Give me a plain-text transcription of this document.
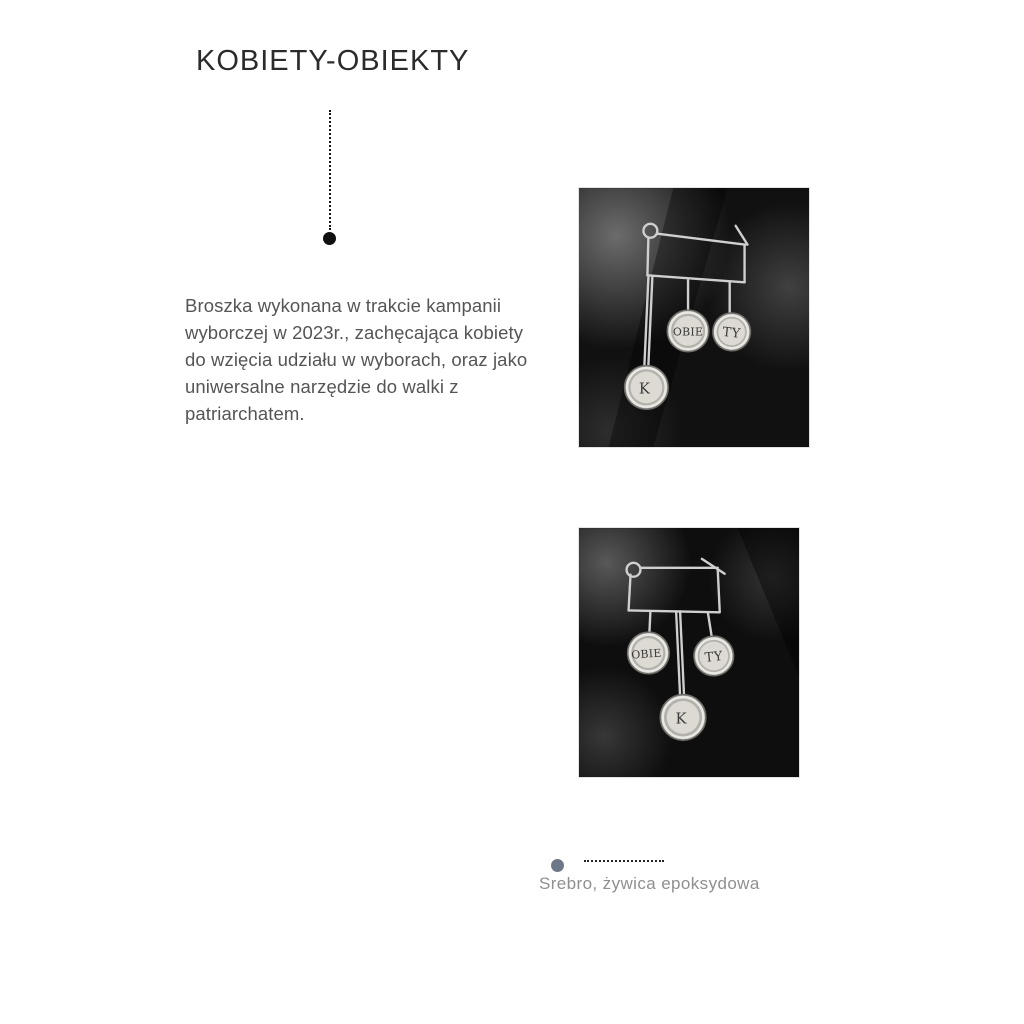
KOBIETY-OBIEKTY

Broszka wykonana w trakcie kampanii wyborczej w 2023r., zachęcająca kobiety do wzięcia udziału w wyborach, oraz jako uniwersalne narzędzie do walki z patriarchatem.

OBIE TY
K
OBIE	TY
K
Srebro, żywica epoksydowa
